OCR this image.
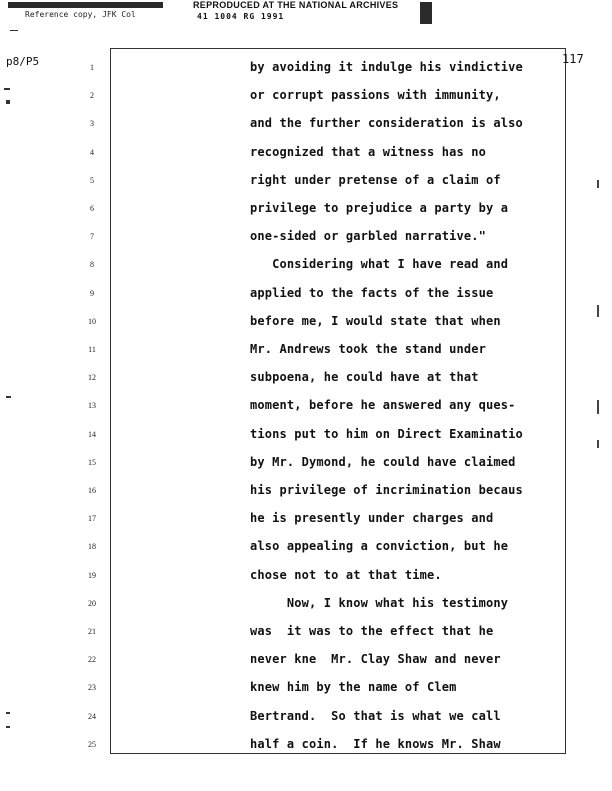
REPRODUCED AT THE NATIONAL ARCHIVES
Reference copy, JFK Col	41 1004 RG 1991
p8/P5	117
1	by avoiding it indulge his vindictive
2	or corrupt passions with immunity,
3	and the further consideration is also
4	recognized that a witness has no
5	right under pretense of a claim of
6	privilege to prejudice a party by a
7	one-sided or garbled narrative."
8	Considering what I have read and
9	applied to the facts of the issue
10	before me, I would state that when
11	Mr. Andrews took the stand under
12	subpoena, he could have at that
13	moment, before he answered any ques-
14	tions put to him on Direct Examinatio
15	by Mr. Dymond, he could have claimed
16	his privilege of incrimination becaus
17	he is presently under charges and
18	also appealing a conviction, but he
19	chose not to at that time.
20	Now, I know what his testimony
21	was  it was to the effect that he
22	never kne  Mr. Clay Shaw and never
23	knew him by the name of Clem
24	Bertrand.  So that is what we call
25	half a coin.  If he knows Mr. Shaw
